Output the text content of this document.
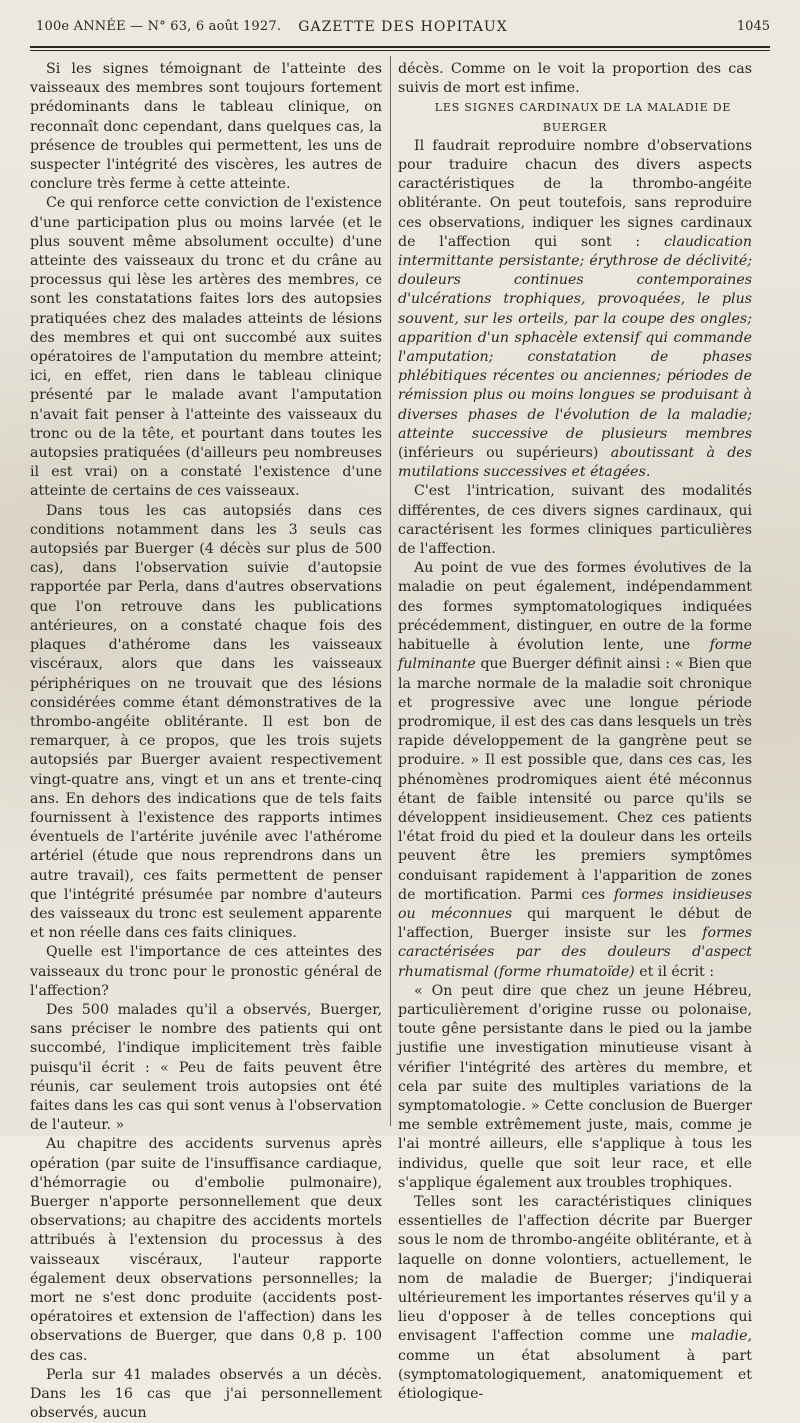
100e ANNÉE — N° 63, 6 août 1927.	GAZETTE DES HOPITAUX	1045

Si les signes témoignant de l'atteinte des vaisseaux des membres sont toujours fortement prédominants dans le tableau clinique, on reconnaît donc cependant, dans quelques cas, la présence de troubles qui permettent, les uns de suspecter l'intégrité des viscères, les autres de conclure très ferme à cette atteinte.

Ce qui renforce cette conviction de l'existence d'une participation plus ou moins larvée (et le plus souvent même absolument occulte) d'une atteinte des vaisseaux du tronc et du crâne au processus qui lèse les artères des membres, ce sont les constatations faites lors des autopsies pratiquées chez des malades atteints de lésions des membres et qui ont succombé aux suites opératoires de l'amputation du membre atteint; ici, en effet, rien dans le tableau clinique présenté par le malade avant l'amputation n'avait fait penser à l'atteinte des vaisseaux du tronc ou de la tête, et pourtant dans toutes les autopsies pratiquées (d'ailleurs peu nombreuses il est vrai) on a constaté l'existence d'une atteinte de certains de ces vaisseaux.

Dans tous les cas autopsiés dans ces conditions notamment dans les 3 seuls cas autopsiés par Buerger (4 décès sur plus de 500 cas), dans l'observation suivie d'autopsie rapportée par Perla, dans d'autres observations que l'on retrouve dans les publications antérieures, on a constaté chaque fois des plaques d'athérome dans les vaisseaux viscéraux, alors que dans les vaisseaux périphériques on ne trouvait que des lésions considérées comme étant démonstratives de la thrombo-angéite oblitérante. Il est bon de remarquer, à ce propos, que les trois sujets autopsiés par Buerger avaient respectivement vingt-quatre ans, vingt et un ans et trente-cinq ans. En dehors des indications que de tels faits fournissent à l'existence des rapports intimes éventuels de l'artérite juvénile avec l'athérome artériel (étude que nous reprendrons dans un autre travail), ces faits permettent de penser que l'intégrité présumée par nombre d'auteurs des vaisseaux du tronc est seulement apparente et non réelle dans ces faits cliniques.

Quelle est l'importance de ces atteintes des vaisseaux du tronc pour le pronostic général de l'affection?

Des 500 malades qu'il a observés, Buerger, sans préciser le nombre des patients qui ont succombé, l'indique implicitement très faible puisqu'il écrit : « Peu de faits peuvent être réunis, car seulement trois autopsies ont été faites dans les cas qui sont venus à l'observation de l'auteur. »

Au chapitre des accidents survenus après opération (par suite de l'insuffisance cardiaque, d'hémorragie ou d'embolie pulmonaire), Buerger n'apporte personnellement que deux observations; au chapitre des accidents mortels attribués à l'extension du processus à des vaisseaux viscéraux, l'auteur rapporte également deux observations personnelles; la mort ne s'est donc produite (accidents post-opératoires et extension de l'affection) dans les observations de Buerger, que dans 0,8 p. 100 des cas.

Perla sur 41 malades observés a un décès. Dans les 16 cas que j'ai personnellement observés, aucun

décès. Comme on le voit la proportion des cas suivis de mort est infime.

LES SIGNES CARDINAUX DE LA MALADIE DE BUERGER

Il faudrait reproduire nombre d'observations pour traduire chacun des divers aspects caractéristiques de la thrombo-angéite oblitérante. On peut toutefois, sans reproduire ces observations, indiquer les signes cardinaux de l'affection qui sont : claudication intermittante persistante; érythrose de déclivité; douleurs continues contemporaines d'ulcérations trophiques, provoquées, le plus souvent, sur les orteils, par la coupe des ongles; apparition d'un sphacèle extensif qui commande l'amputation; constatation de phases phlébitiques récentes ou anciennes; périodes de rémission plus ou moins longues se produisant à diverses phases de l'évolution de la maladie; atteinte successive de plusieurs membres (inférieurs ou supérieurs) aboutissant à des mutilations successives et étagées.

C'est l'intrication, suivant des modalités différentes, de ces divers signes cardinaux, qui caractérisent les formes cliniques particulières de l'affection.

Au point de vue des formes évolutives de la maladie on peut également, indépendamment des formes symptomatologiques indiquées précédemment, distinguer, en outre de la forme habituelle à évolution lente, une forme fulminante que Buerger définit ainsi : « Bien que la marche normale de la maladie soit chronique et progressive avec une longue période prodromique, il est des cas dans lesquels un très rapide développement de la gangrène peut se produire. » Il est possible que, dans ces cas, les phénomènes prodromiques aient été méconnus étant de faible intensité ou parce qu'ils se développent insidieusement. Chez ces patients l'état froid du pied et la douleur dans les orteils peuvent être les premiers symptômes conduisant rapidement à l'apparition de zones de mortification. Parmi ces formes insidieuses ou méconnues qui marquent le début de l'affection, Buerger insiste sur les formes caractérisées par des douleurs d'aspect rhumatismal (forme rhumatoïde) et il écrit :

« On peut dire que chez un jeune Hébreu, particulièrement d'origine russe ou polonaise, toute gêne persistante dans le pied ou la jambe justifie une investigation minutieuse visant à vérifier l'intégrité des artères du membre, et cela par suite des multiples variations de la symptomatologie. » Cette conclusion de Buerger me semble extrêmement juste, mais, comme je l'ai montré ailleurs, elle s'applique à tous les individus, quelle que soit leur race, et elle s'applique également aux troubles trophiques.

Telles sont les caractéristiques cliniques essentielles de l'affection décrite par Buerger sous le nom de thrombo-angéite oblitérante, et à laquelle on donne volontiers, actuellement, le nom de maladie de Buerger; j'indiquerai ultérieurement les importantes réserves qu'il y a lieu d'opposer à de telles conceptions qui envisagent l'affection comme une maladie, comme un état absolument à part (symptomatologiquement, anatomiquement et étiologique-
